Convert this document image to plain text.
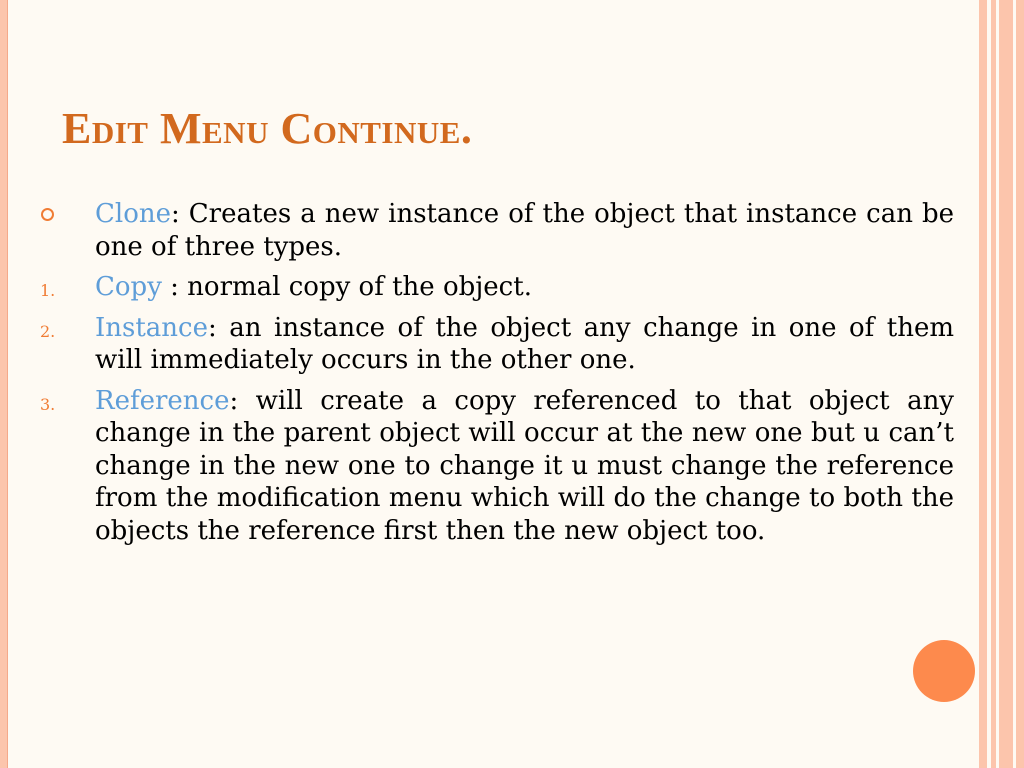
Edit Menu Continue.

Clone: Creates a new instance of the object that instance can be one of three types.

1. Copy : normal copy of the object.

2. Instance: an instance of the object any change in one of them will immediately occurs in the other one.

3. Reference: will create a copy referenced to that object any change in the parent object will occur at the new one but u can’t change in the new one to change it u must change the reference from the modification menu which will do the change to both the objects the reference first then the new object too.
